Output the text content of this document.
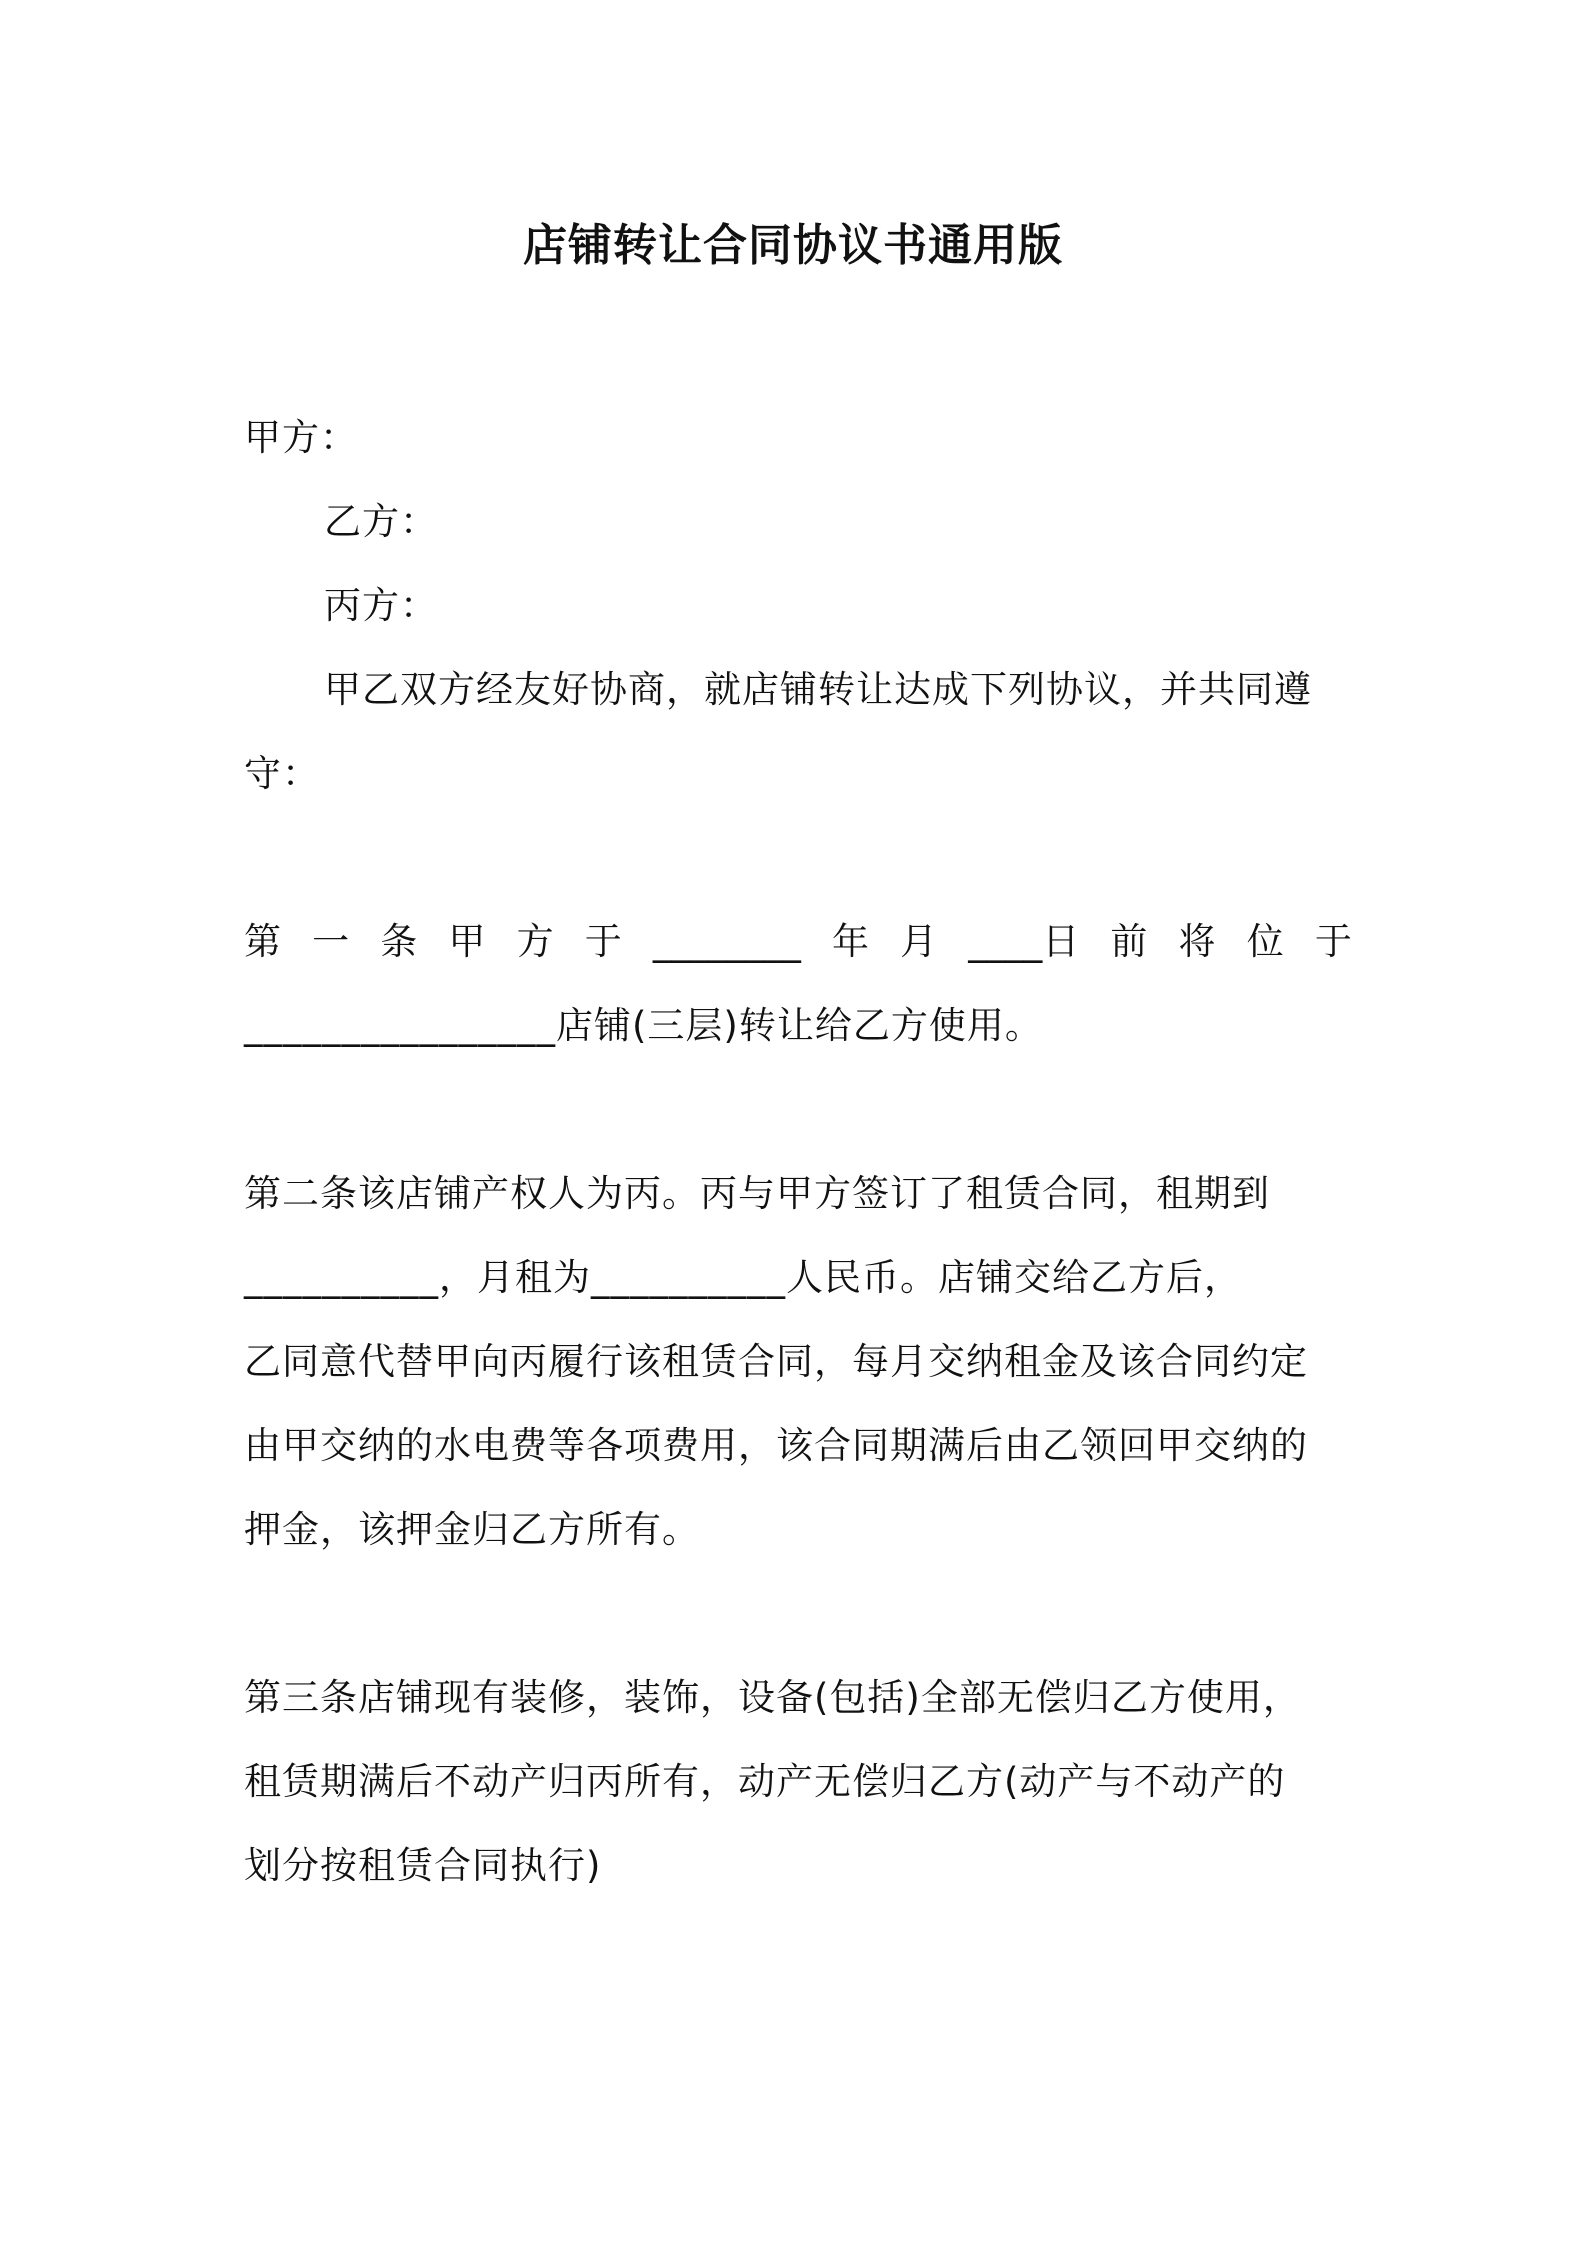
店铺转让合同协议书通用版
甲方：
乙方：
丙方：
甲乙双方经友好协商，就店铺转让达成下列协议，并共同遵
守：
第 一 条 甲 方 于 ________ 年 月 ____日 前 将 位 于
________________店铺(三层)转让给乙方使用。
第二条该店铺产权人为丙。丙与甲方签订了租赁合同，租期到
__________，月租为__________人民币。店铺交给乙方后，
乙同意代替甲向丙履行该租赁合同，每月交纳租金及该合同约定
由甲交纳的水电费等各项费用，该合同期满后由乙领回甲交纳的
押金，该押金归乙方所有。
第三条店铺现有装修，装饰，设备(包括)全部无偿归乙方使用，
租赁期满后不动产归丙所有，动产无偿归乙方(动产与不动产的
划分按租赁合同执行)
